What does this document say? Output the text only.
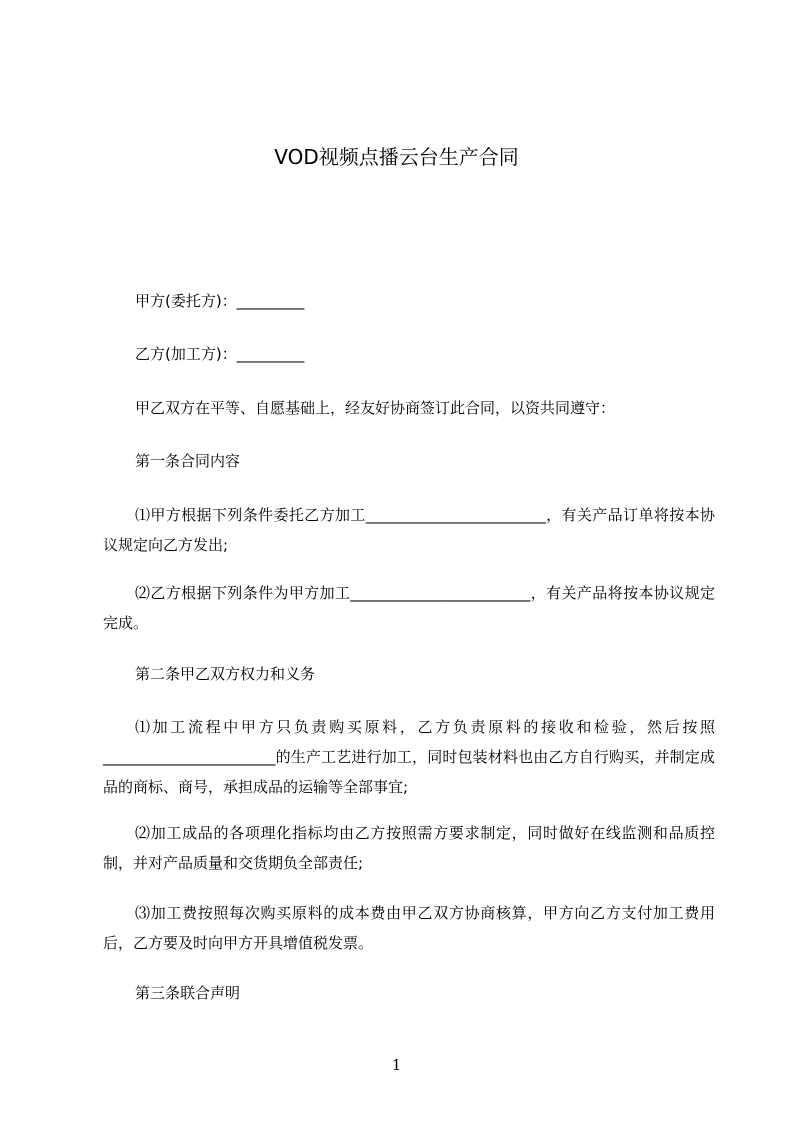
VOD视频点播云台生产合同
甲方(委托方)：_________
乙方(加工方)：_________
甲乙双方在平等、自愿基础上，经友好协商签订此合同，以资共同遵守：
第一条合同内容
⑴甲方根据下列条件委托乙方加工________________________，有关产品订单将按本协议规定向乙方发出;
⑵乙方根据下列条件为甲方加工________________________，有关产品将按本协议规定完成。
第二条甲乙双方权力和义务
⑴加工流程中甲方只负责购买原料，乙方负责原料的接收和检验，然后按照_______________________的生产工艺进行加工，同时包装材料也由乙方自行购买，并制定成品的商标、商号，承担成品的运输等全部事宜;
⑵加工成品的各项理化指标均由乙方按照需方要求制定，同时做好在线监测和品质控制，并对产品质量和交货期负全部责任;
⑶加工费按照每次购买原料的成本费由甲乙双方协商核算，甲方向乙方支付加工费用后，乙方要及时向甲方开具增值税发票。
第三条联合声明
1
